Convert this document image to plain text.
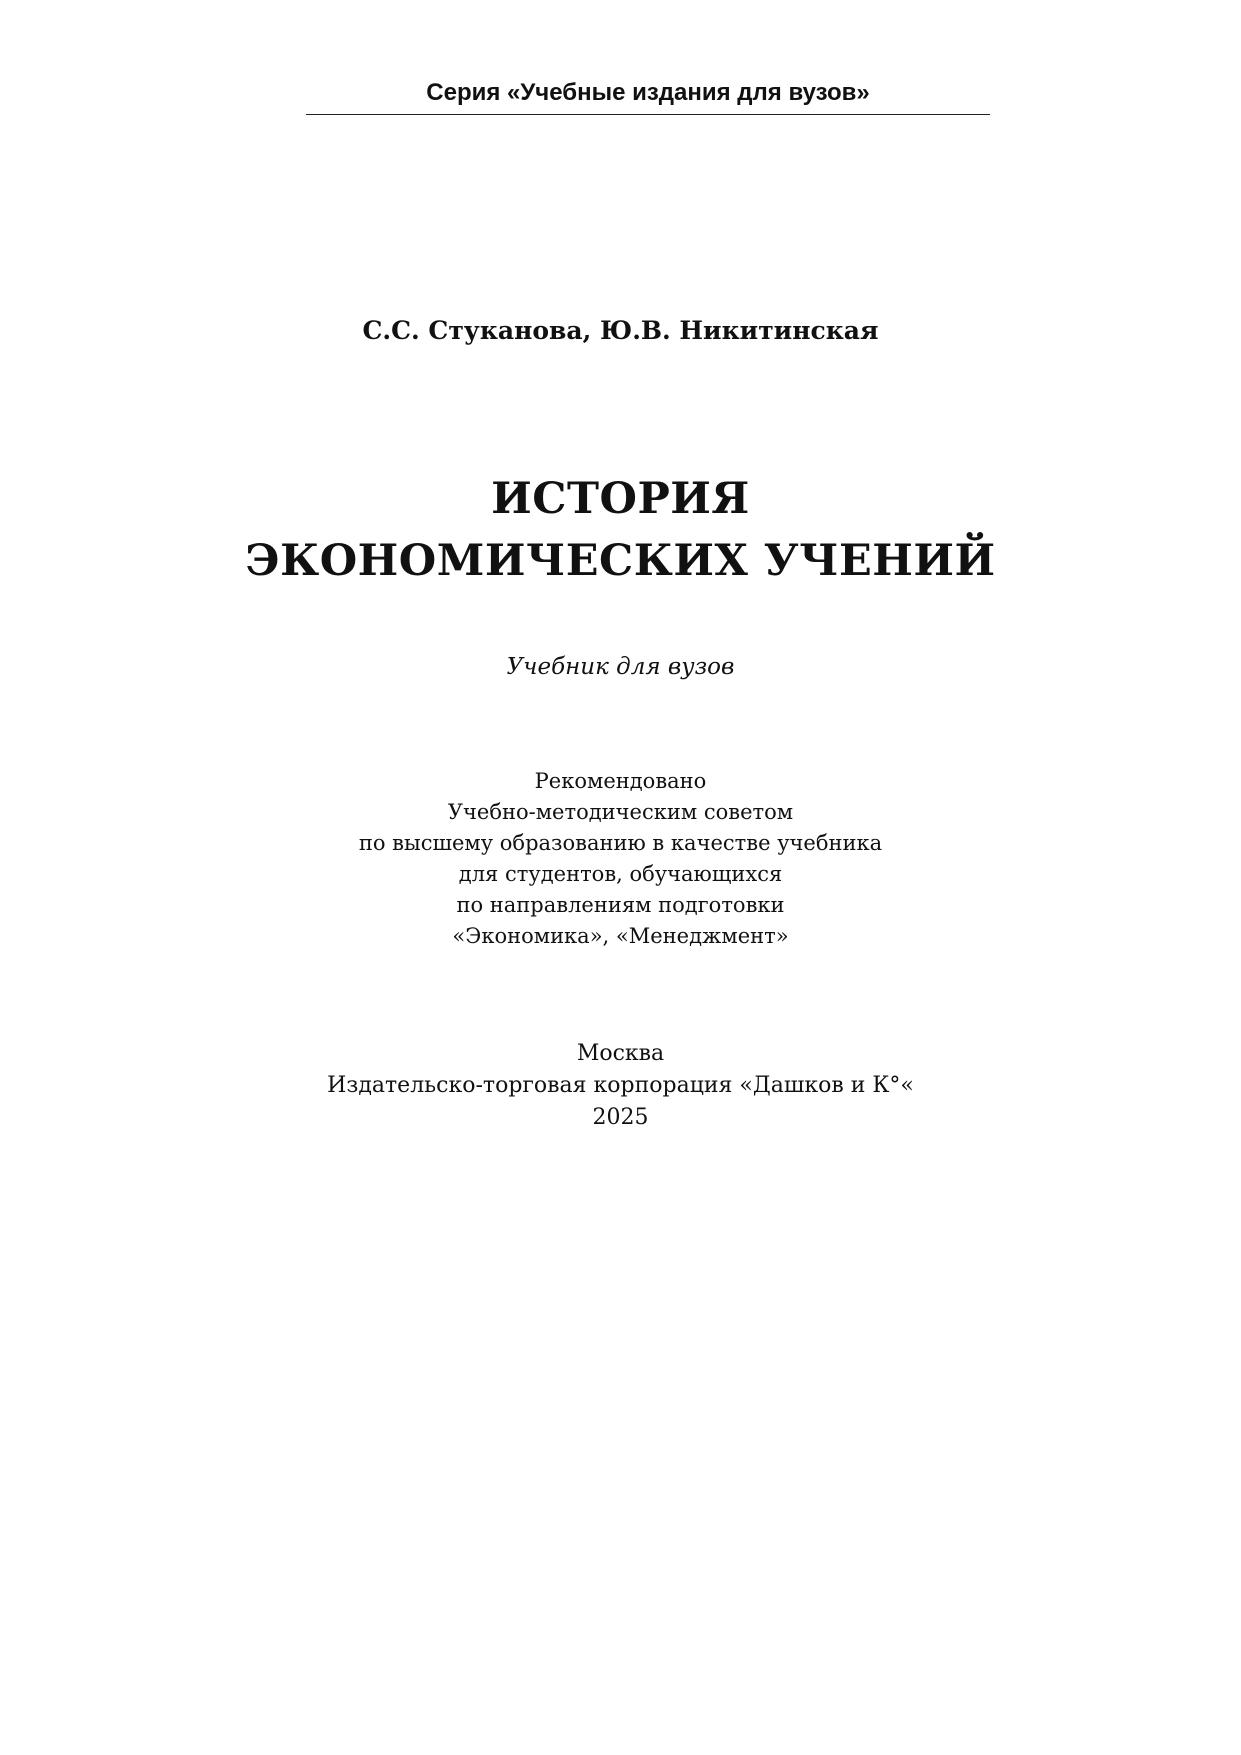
Серия «Учебные издания для вузов»
С.С. Стуканова, Ю.В. Никитинская
ИСТОРИЯ
ЭКОНОМИЧЕСКИХ УЧЕНИЙ
Учебник для вузов
Рекомендовано
Учебно-методическим советом
по высшему образованию в качестве учебника
для студентов, обучающихся
по направлениям подготовки
«Экономика», «Менеджмент»
Москва
Издательско-торговая корпорация «Дашков и К°«
2025
